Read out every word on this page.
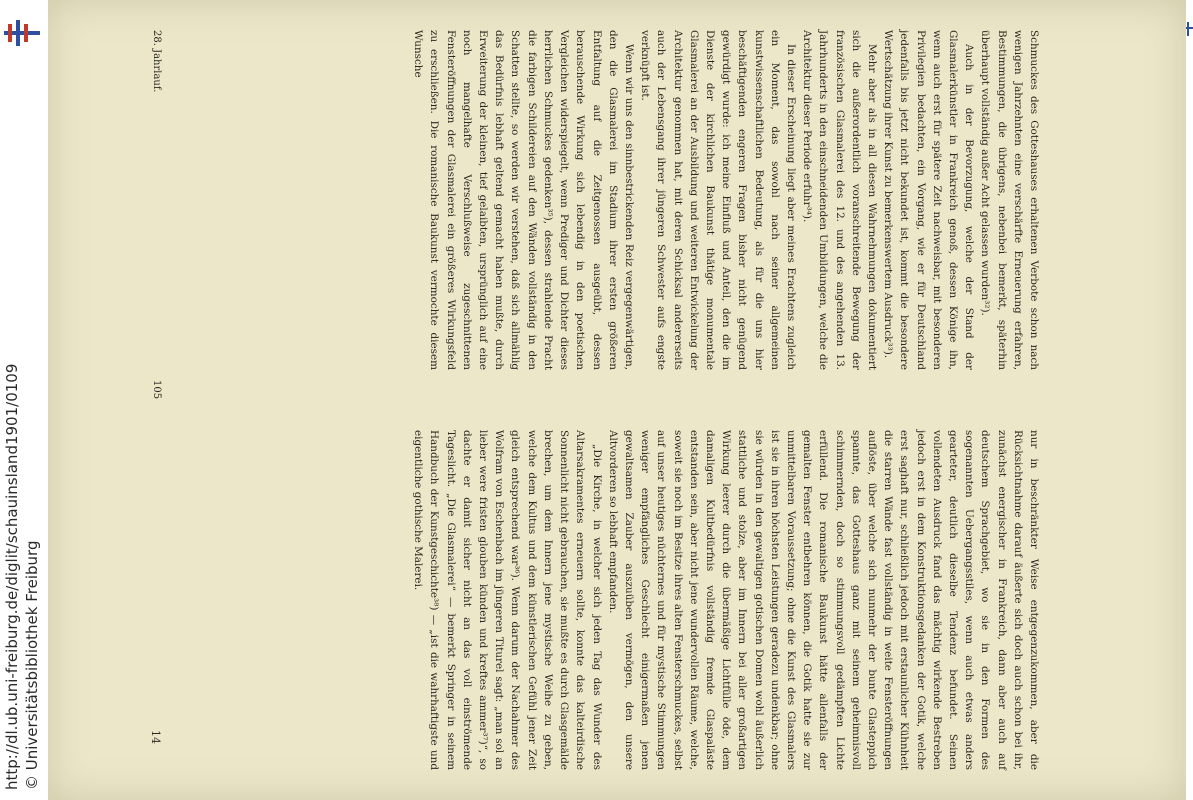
http://dl.ub.uni-freiburg.de/diglit/schauinsland1901/0109 © Universitätsbibliothek Freiburg

Schmuckes des Gotteshauses erhaltenen Verbote schon nach wenigen Jahrzehnten eine verschärfte Erneuerung erfahren, Bestimmungen, die übrigens, nebenbei bemerkt, späterhin überhaupt vollständig außer Acht gelassen wurden³²).

Auch in der Bevorzugung, welche der Stand der Glasmalerkünstler in Frankreich genoß, dessen Könige ihn, wenn auch erst für spätere Zeit nachweisbar, mit besonderen Privilegien bedachten, ein Vorgang, wie er für Deutschland jedenfalls bis jetzt nicht bekundet ist, kommt die besondere Wertschätzung ihrer Kunst zu bemerkenswertem Ausdruck³³).

Mehr aber als in all diesen Wahrnehmungen dokumentiert sich die außerordentlich voranschreitende Bewegung der französischen Glasmalerei des 12. und des angehenden 13. Jahrhunderts in den einschneidenden Umbildungen, welche die Architektur dieser Periode erfuhr³⁴).

In dieser Erscheinung liegt aber meines Erachtens zugleich ein Moment, das sowohl nach seiner allgemeinen kunstwissenschaftlichen Bedeutung, als für die uns hier beschäftigenden engeren Fragen bisher nicht genügend gewürdigt wurde: ich meine Einfluß und Anteil, den die im Dienste der kirchlichen Baukunst thätige monumentale Glasmalerei an der Ausbildung und weiteren Entwickelung der Architektur genommen hat, mit deren Schicksal andererseits auch der Lebensgang ihrer jüngeren Schwester aufs engste verknüpft ist.

Wenn wir uns den sinnbestrickenden Reiz vergegenwärtigen, den die Glasmalerei im Stadium ihrer ersten größeren Entfaltung auf die Zeitgenossen ausgeübt, dessen berauschende Wirkung sich lebendig in den poetischen Vergleichen widerspiegelt, wenn Prediger und Dichter dieses herrlichen Schmuckes gedenken³⁵), dessen strahlende Pracht die farbigen Schildereien auf den Wänden vollständig in den Schatten stellte, so werden wir verstehen, daß sich allmählig das Bedürfnis lebhaft geltend gemacht haben mußte, durch Erweiterung der kleinen, tief gelaibten, ursprünglich auf eine noch mangelhafte Verschlußweise zugeschnittenen Fensteröffnungen der Glasmalerei ein größeres Wirkungsfeld zu erschließen. Die romanische Baukunst vermochte diesem Wunsche

nur in beschränkter Weise entgegenzukommen, aber die Rücksichtnahme darauf äußerte sich doch auch schon bei ihr, zunächst energischer in Frankreich, dann aber auch auf deutschem Sprachgebiet, wo sie in den Formen des sogenannten Uebergangsstiles, wenn auch etwas anders gearteter, deutlich dieselbe Tendenz befundet. Seinen vollendeten Ausdruck fand das mächtig wirkende Bestreben jedoch erst in dem Konstruktionsgedanken der Gotik, welche erst saghaft nur, schließlich jedoch mit erstaunlicher Kühnheit die starren Wände fast vollständig in weite Fensteröffnungen auflöste, über welche sich nunmehr der bunte Glasteppich spannte, das Gotteshaus ganz mit seinem geheimnisvoll schimmernden, doch so stimmungsvoll gedämpften Lichte erfüllend. Die romanische Baukunst hätte allenfalls der gemalten Fenster entbehren können, die Gotik hatte sie zur unmittelbaren Voraussetzung; ohne die Kunst des Glasmalers ist sie in ihren höchsten Leistungen geradezu undenkbar; ohne sie würden in den gewaltigen gotischen Domen wohl äußerlich stattliche und stolze, aber im Innern bei aller großartigen Wirkung leerer durch die übermäßige Lichtfülle öde, dem damaligen Kultbedürfnis vollständig fremde Glaspaläste entstanden sein, aber nicht jene wundervollen Räume, welche, soweit sie noch im Besitze ihres alten Fensterschmuckes, selbst auf unser heutiges nüchternes und für mystische Stimmungen weniger empfängliches Geschlecht einigermaßen jenen gewaltsamen Zauber auszuüben vermögen, den unsere Altvorderen so lebhaft empfanden.

„Die Kirche, in welcher sich jeden Tag das Wunder des Altarsakramentes erneuern sollte, konnte das kalteirdische Sonnenlicht nicht gebrauchen, sie mußte es durch Glasgemälde brechen, um dem Innern jene mystische Weihe zu geben, welche dem Kultus und dem künstlerischen Gefühl jener Zeit gleich entsprechend war³⁶). Wenn darum der Nachahmer des Wolfram von Eschenbach im jüngeren Titurel sagt: „man sol an lieber were fristen glouben künden und kreftes ammer³⁷)“, so dachte er damit sicher nicht an das voll einströmende Tageslicht. „Die Glasmalerei“ — bemerkt Springer in seinem Handbuch der Kunstgeschichte³⁸) — „ist die wahrhaftigste und eigentliche gothische Malerei.

28. Jahrlauf.
105
14
